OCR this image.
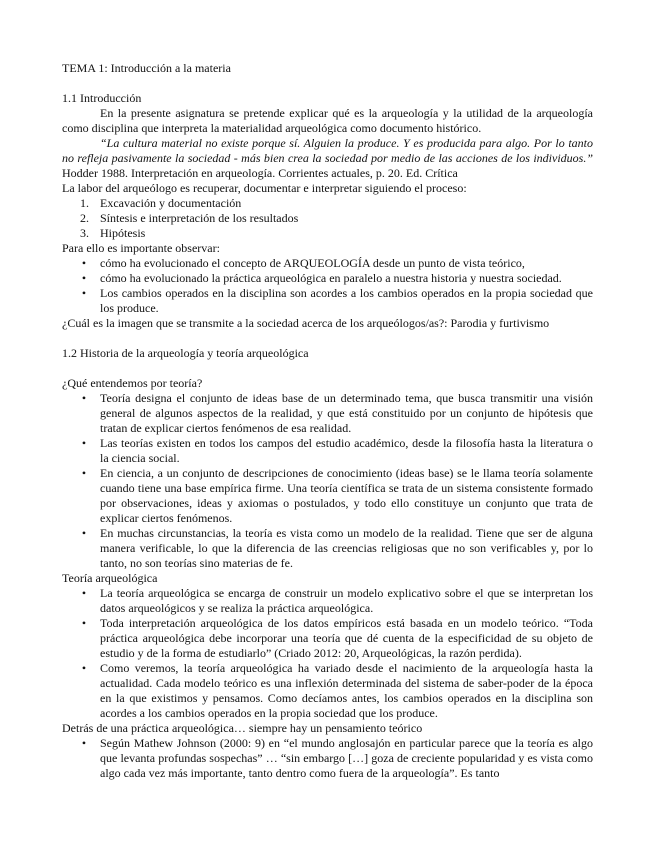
TEMA 1: Introducción a la materia

1.1 Introducción

En la presente asignatura se pretende explicar qué es la arqueología y la utilidad de la arqueología como disciplina que interpreta la materialidad arqueológica como documento histórico.

“La cultura material no existe porque sí. Alguien la produce. Y es producida para algo. Por lo tanto no refleja pasivamente la sociedad - más bien crea la sociedad por medio de las acciones de los individuos.” Hodder 1988. Interpretación en arqueología. Corrientes actuales, p. 20. Ed. Crítica

La labor del arqueólogo es recuperar, documentar e interpretar siguiendo el proceso:

1. Excavación y documentación
2. Síntesis e interpretación de los resultados
3. Hipótesis

Para ello es importante observar:

•	cómo ha evolucionado el concepto de ARQUEOLOGÍA desde un punto de vista teórico,
•	cómo ha evolucionado la práctica arqueológica en paralelo a nuestra historia y nuestra sociedad.
•	Los cambios operados en la disciplina son acordes a los cambios operados en la propia sociedad que los produce.

¿Cuál es la imagen que se transmite a la sociedad acerca de los arqueólogos/as?: Parodia y furtivismo

1.2 Historia de la arqueología y teoría arqueológica

¿Qué entendemos por teoría?

•	Teoría designa el conjunto de ideas base de un determinado tema, que busca transmitir una visión general de algunos aspectos de la realidad, y que está constituido por un conjunto de hipótesis que tratan de explicar ciertos fenómenos de esa realidad.
•	Las teorías existen en todos los campos del estudio académico, desde la filosofía hasta la literatura o la ciencia social.
•	En ciencia, a un conjunto de descripciones de conocimiento (ideas base) se le llama teoría solamente cuando tiene una base empírica firme. Una teoría científica se trata de un sistema consistente formado por observaciones, ideas y axiomas o postulados, y todo ello constituye un conjunto que trata de explicar ciertos fenómenos.
•	En muchas circunstancias, la teoría es vista como un modelo de la realidad. Tiene que ser de alguna manera verificable, lo que la diferencia de las creencias religiosas que no son verificables y, por lo tanto, no son teorías sino materias de fe.

Teoría arqueológica

•	La teoría arqueológica se encarga de construir un modelo explicativo sobre el que se interpretan los datos arqueológicos y se realiza la práctica arqueológica.
•	Toda interpretación arqueológica de los datos empíricos está basada en un modelo teórico. “Toda práctica arqueológica debe incorporar una teoría que dé cuenta de la especificidad de su objeto de estudio y de la forma de estudiarlo” (Criado 2012: 20, Arqueológicas, la razón perdida).
•	Como veremos, la teoría arqueológica ha variado desde el nacimiento de la arqueología hasta la actualidad. Cada modelo teórico es una inflexión determinada del sistema de saber-poder de la época en la que existimos y pensamos. Como decíamos antes, los cambios operados en la disciplina son acordes a los cambios operados en la propia sociedad que los produce.

Detrás de una práctica arqueológica… siempre hay un pensamiento teórico

•	Según Mathew Johnson (2000: 9) en “el mundo anglosajón en particular parece que la teoría es algo que levanta profundas sospechas” … “sin embargo […] goza de creciente popularidad y es vista como algo cada vez más importante, tanto dentro como fuera de la arqueología”. Es tanto
